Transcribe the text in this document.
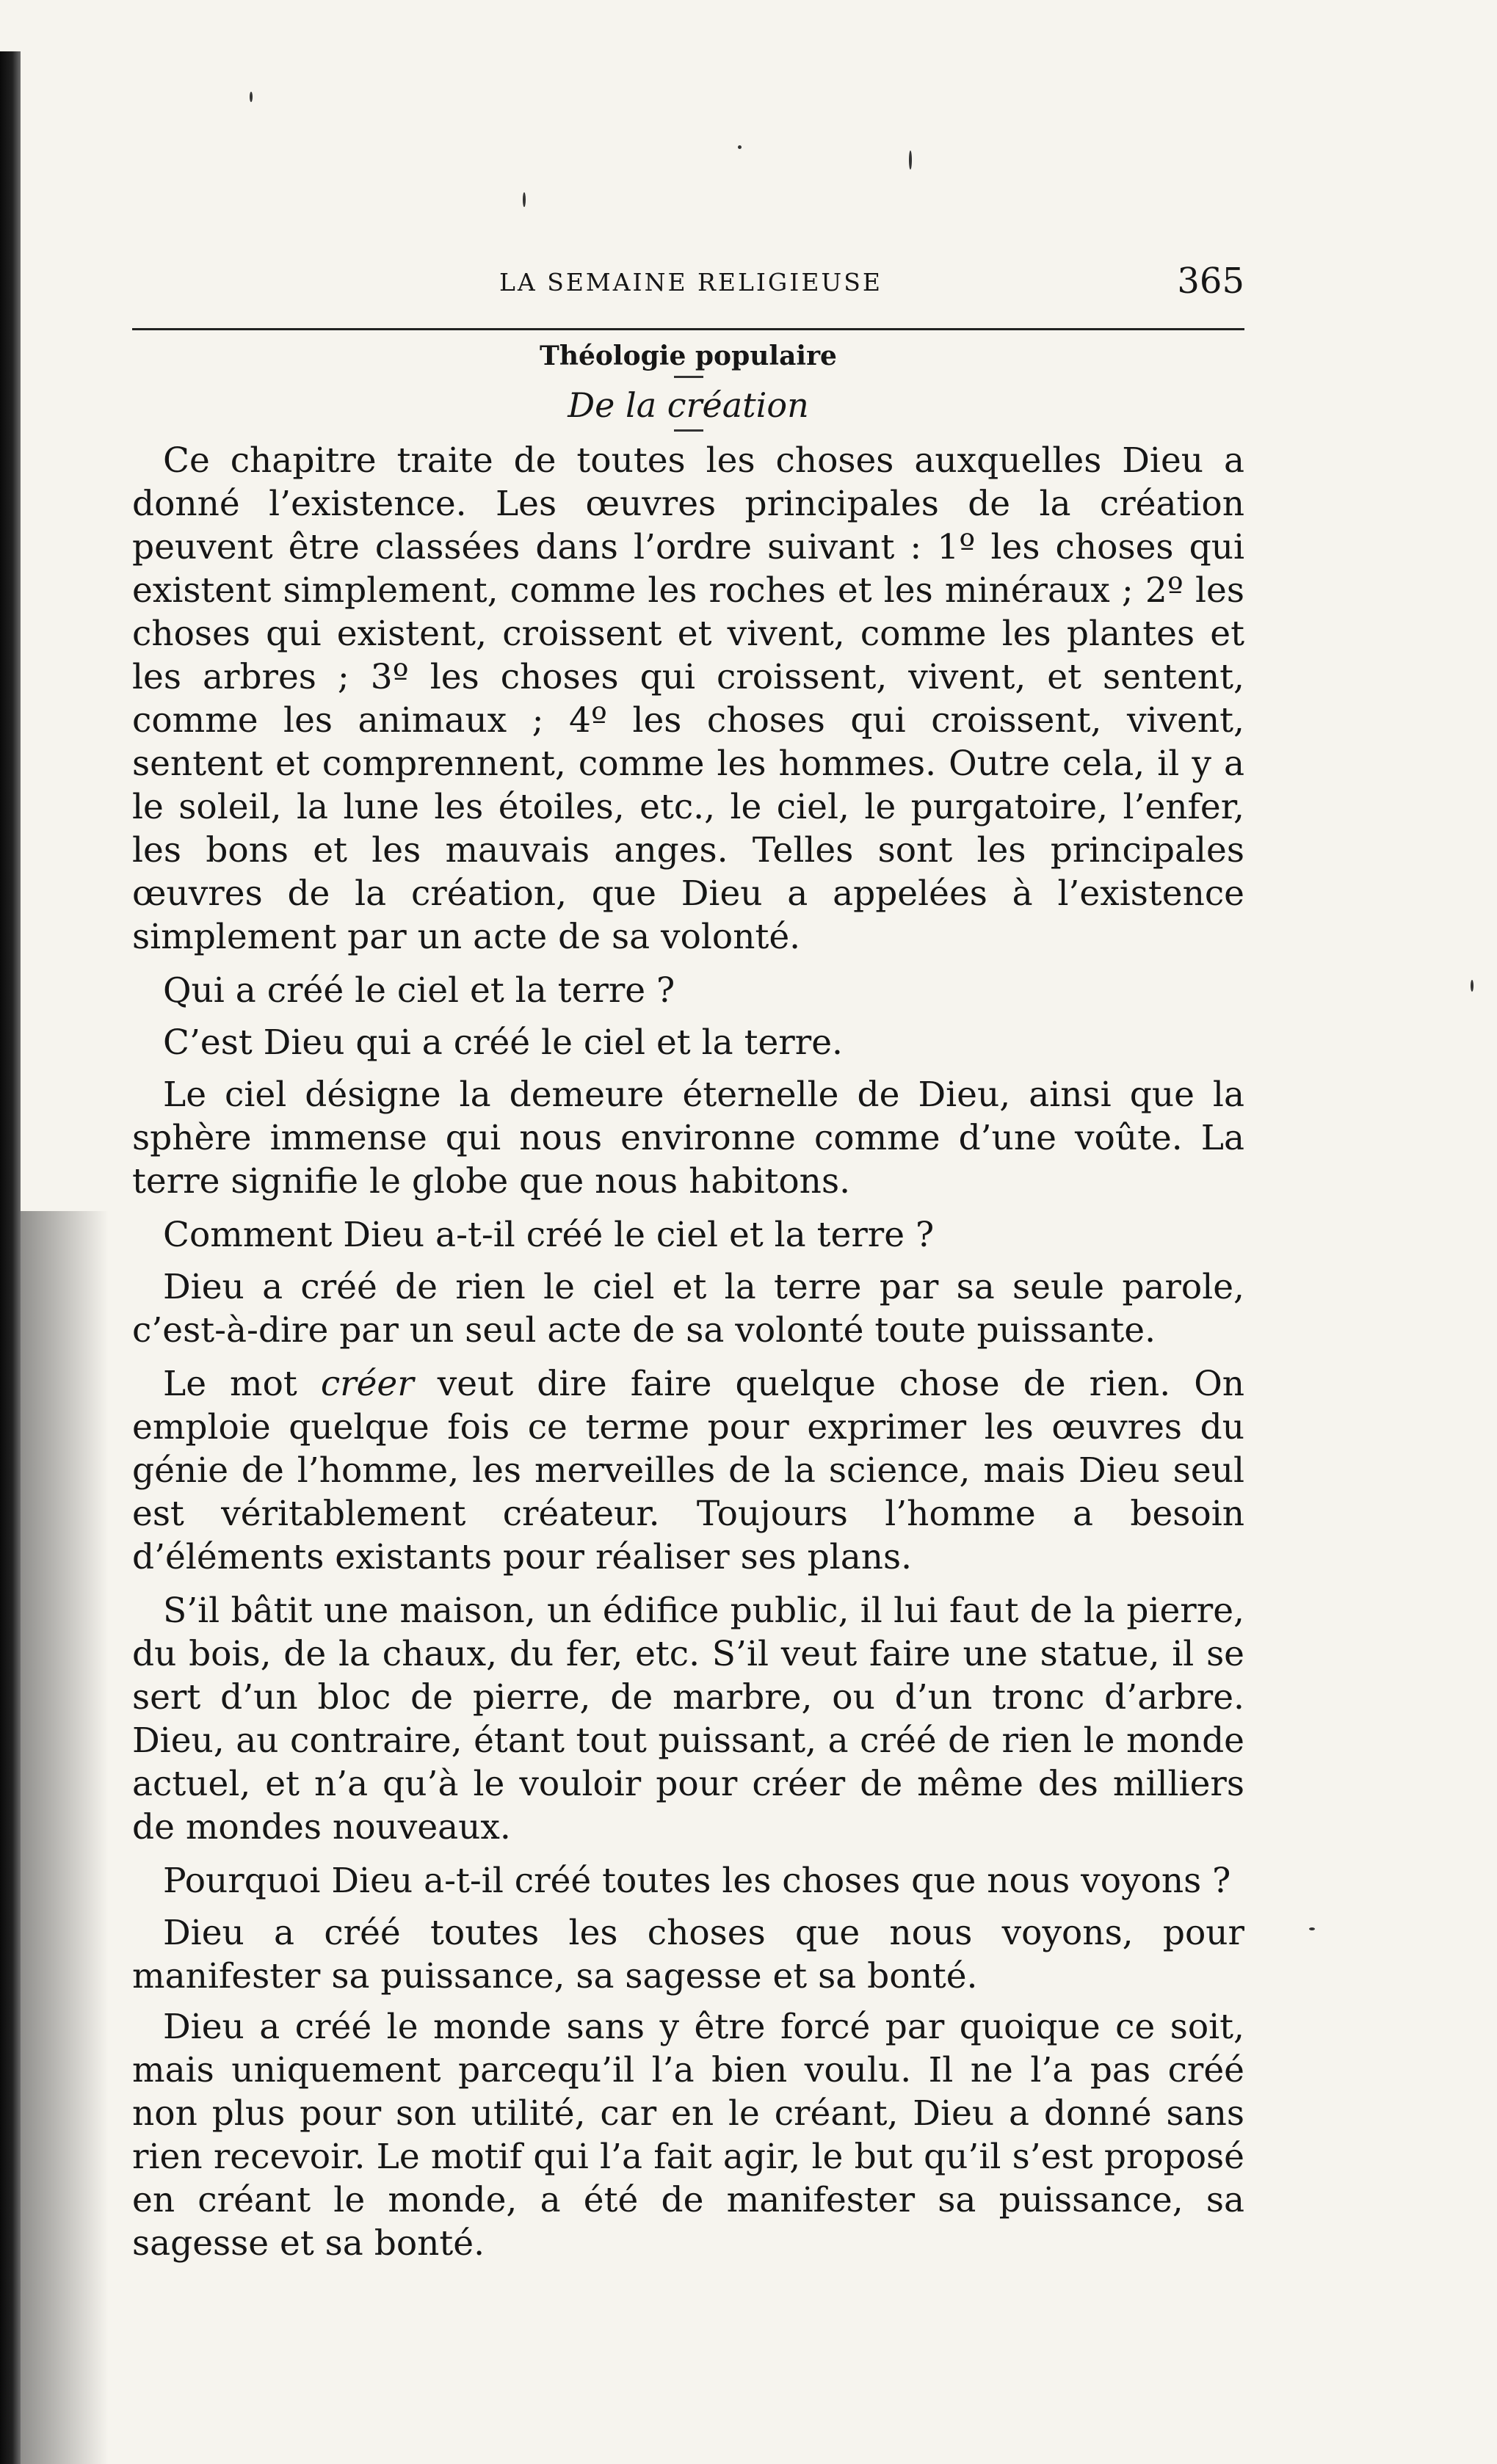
LA SEMAINE RELIGIEUSE	365
Théologie populaire
De la création

Ce chapitre traite de toutes les choses auxquelles Dieu a donné l’existence. Les œuvres principales de la création peuvent être classées dans l’ordre suivant : 1º les choses qui existent simplement, comme les roches et les minéraux ; 2º les choses qui existent, croissent et vivent, comme les plantes et les arbres ; 3º les choses qui croissent, vivent, et sentent, comme les animaux ; 4º les choses qui croissent, vivent, sentent et comprennent, comme les hommes. Outre cela, il y a le soleil, la lune les étoiles, etc., le ciel, le purgatoire, l’enfer, les bons et les mauvais anges. Telles sont les principales œuvres de la création, que Dieu a appelées à l’existence simplement par un acte de sa volonté.

Qui a créé le ciel et la terre ?

C’est Dieu qui a créé le ciel et la terre.

Le ciel désigne la demeure éternelle de Dieu, ainsi que la sphère immense qui nous environne comme d’une voûte. La terre signifie le globe que nous habitons.

Comment Dieu a-t-il créé le ciel et la terre ?

Dieu a créé de rien le ciel et la terre par sa seule parole, c’est-à-dire par un seul acte de sa volonté toute puissante.

Le mot créer veut dire faire quelque chose de rien. On emploie quelque fois ce terme pour exprimer les œuvres du génie de l’homme, les merveilles de la science, mais Dieu seul est véritablement créateur. Toujours l’homme a besoin d’éléments existants pour réaliser ses plans.

S’il bâtit une maison, un édifice public, il lui faut de la pierre, du bois, de la chaux, du fer, etc. S’il veut faire une statue, il se sert d’un bloc de pierre, de marbre, ou d’un tronc d’arbre. Dieu, au contraire, étant tout puissant, a créé de rien le monde actuel, et n’a qu’à le vouloir pour créer de même des milliers de mondes nouveaux.

Pourquoi Dieu a-t-il créé toutes les choses que nous voyons ?

Dieu a créé toutes les choses que nous voyons, pour manifester sa puissance, sa sagesse et sa bonté.

Dieu a créé le monde sans y être forcé par quoique ce soit, mais uniquement parcequ’il l’a bien voulu. Il ne l’a pas créé non plus pour son utilité, car en le créant, Dieu a donné sans rien recevoir. Le motif qui l’a fait agir, le but qu’il s’est proposé en créant le monde, a été de manifester sa puissance, sa sagesse et sa bonté.
